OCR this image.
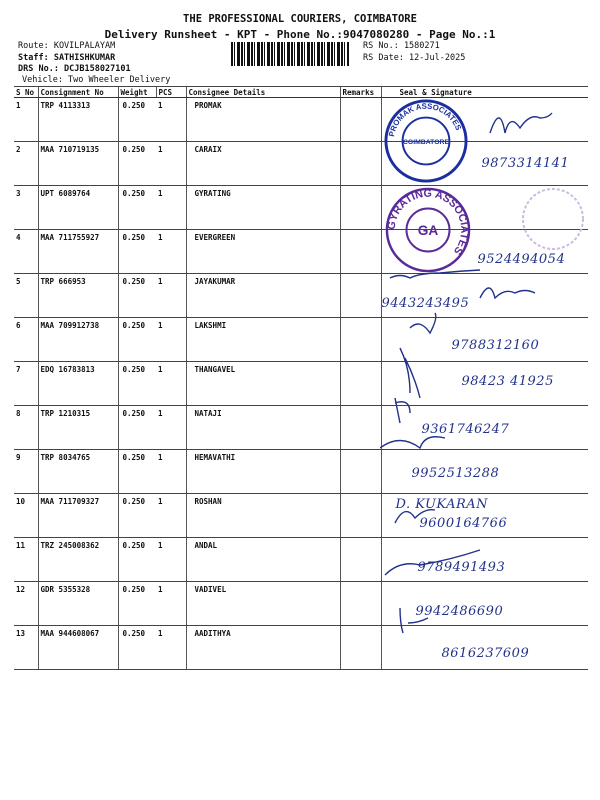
THE PROFESSIONAL COURIERS, COIMBATORE
Delivery Runsheet - KPT - Phone No.:9047080280 - Page No.:1
Route: KOVILPALAYAM
Staff: SATHISHKUMAR
DRS No.: DCJB158027101
Vehicle: Two Wheeler Delivery
RS No.: 1580271
RS Date: 12-Jul-2025
S No	Consignment No	Weight	PCS	Consignee Details	Remarks	Seal & Signature
1	TRP 4113313	0.250	1	PROMAK		
2	MAA 710719135	0.250	1	CARAIX		9873314141

3	UPT 6089764	0.250	1	GYRATING		
4	MAA 711755927	0.250	1	EVERGREEN		9524494054

5	TRP 666953	0.250	1	JAYAKUMAR		9443243495

6	MAA 709912738	0.250	1	LAKSHMI		9788312160

7	EDQ 16783813	0.250	1	THANGAVEL		98423 41925

8	TRP 1210315	0.250	1	NATAJI		9361746247

9	TRP 8034765	0.250	1	HEMAVATHI		9952513288

10	MAA 711709327	0.250	1	ROSHAN		9600164766
D. KUKARAN

11	TRZ 245008362	0.250	1	ANDAL		9789491493

12	GDR 5355328	0.250	1	VADIVEL		9942486690

13	MAA 944608067	0.250	1	AADITHYA		8616237609
PROMAK ASSOCIATES
COIMBATORE
GYRATING ASSOCIATES
GA
